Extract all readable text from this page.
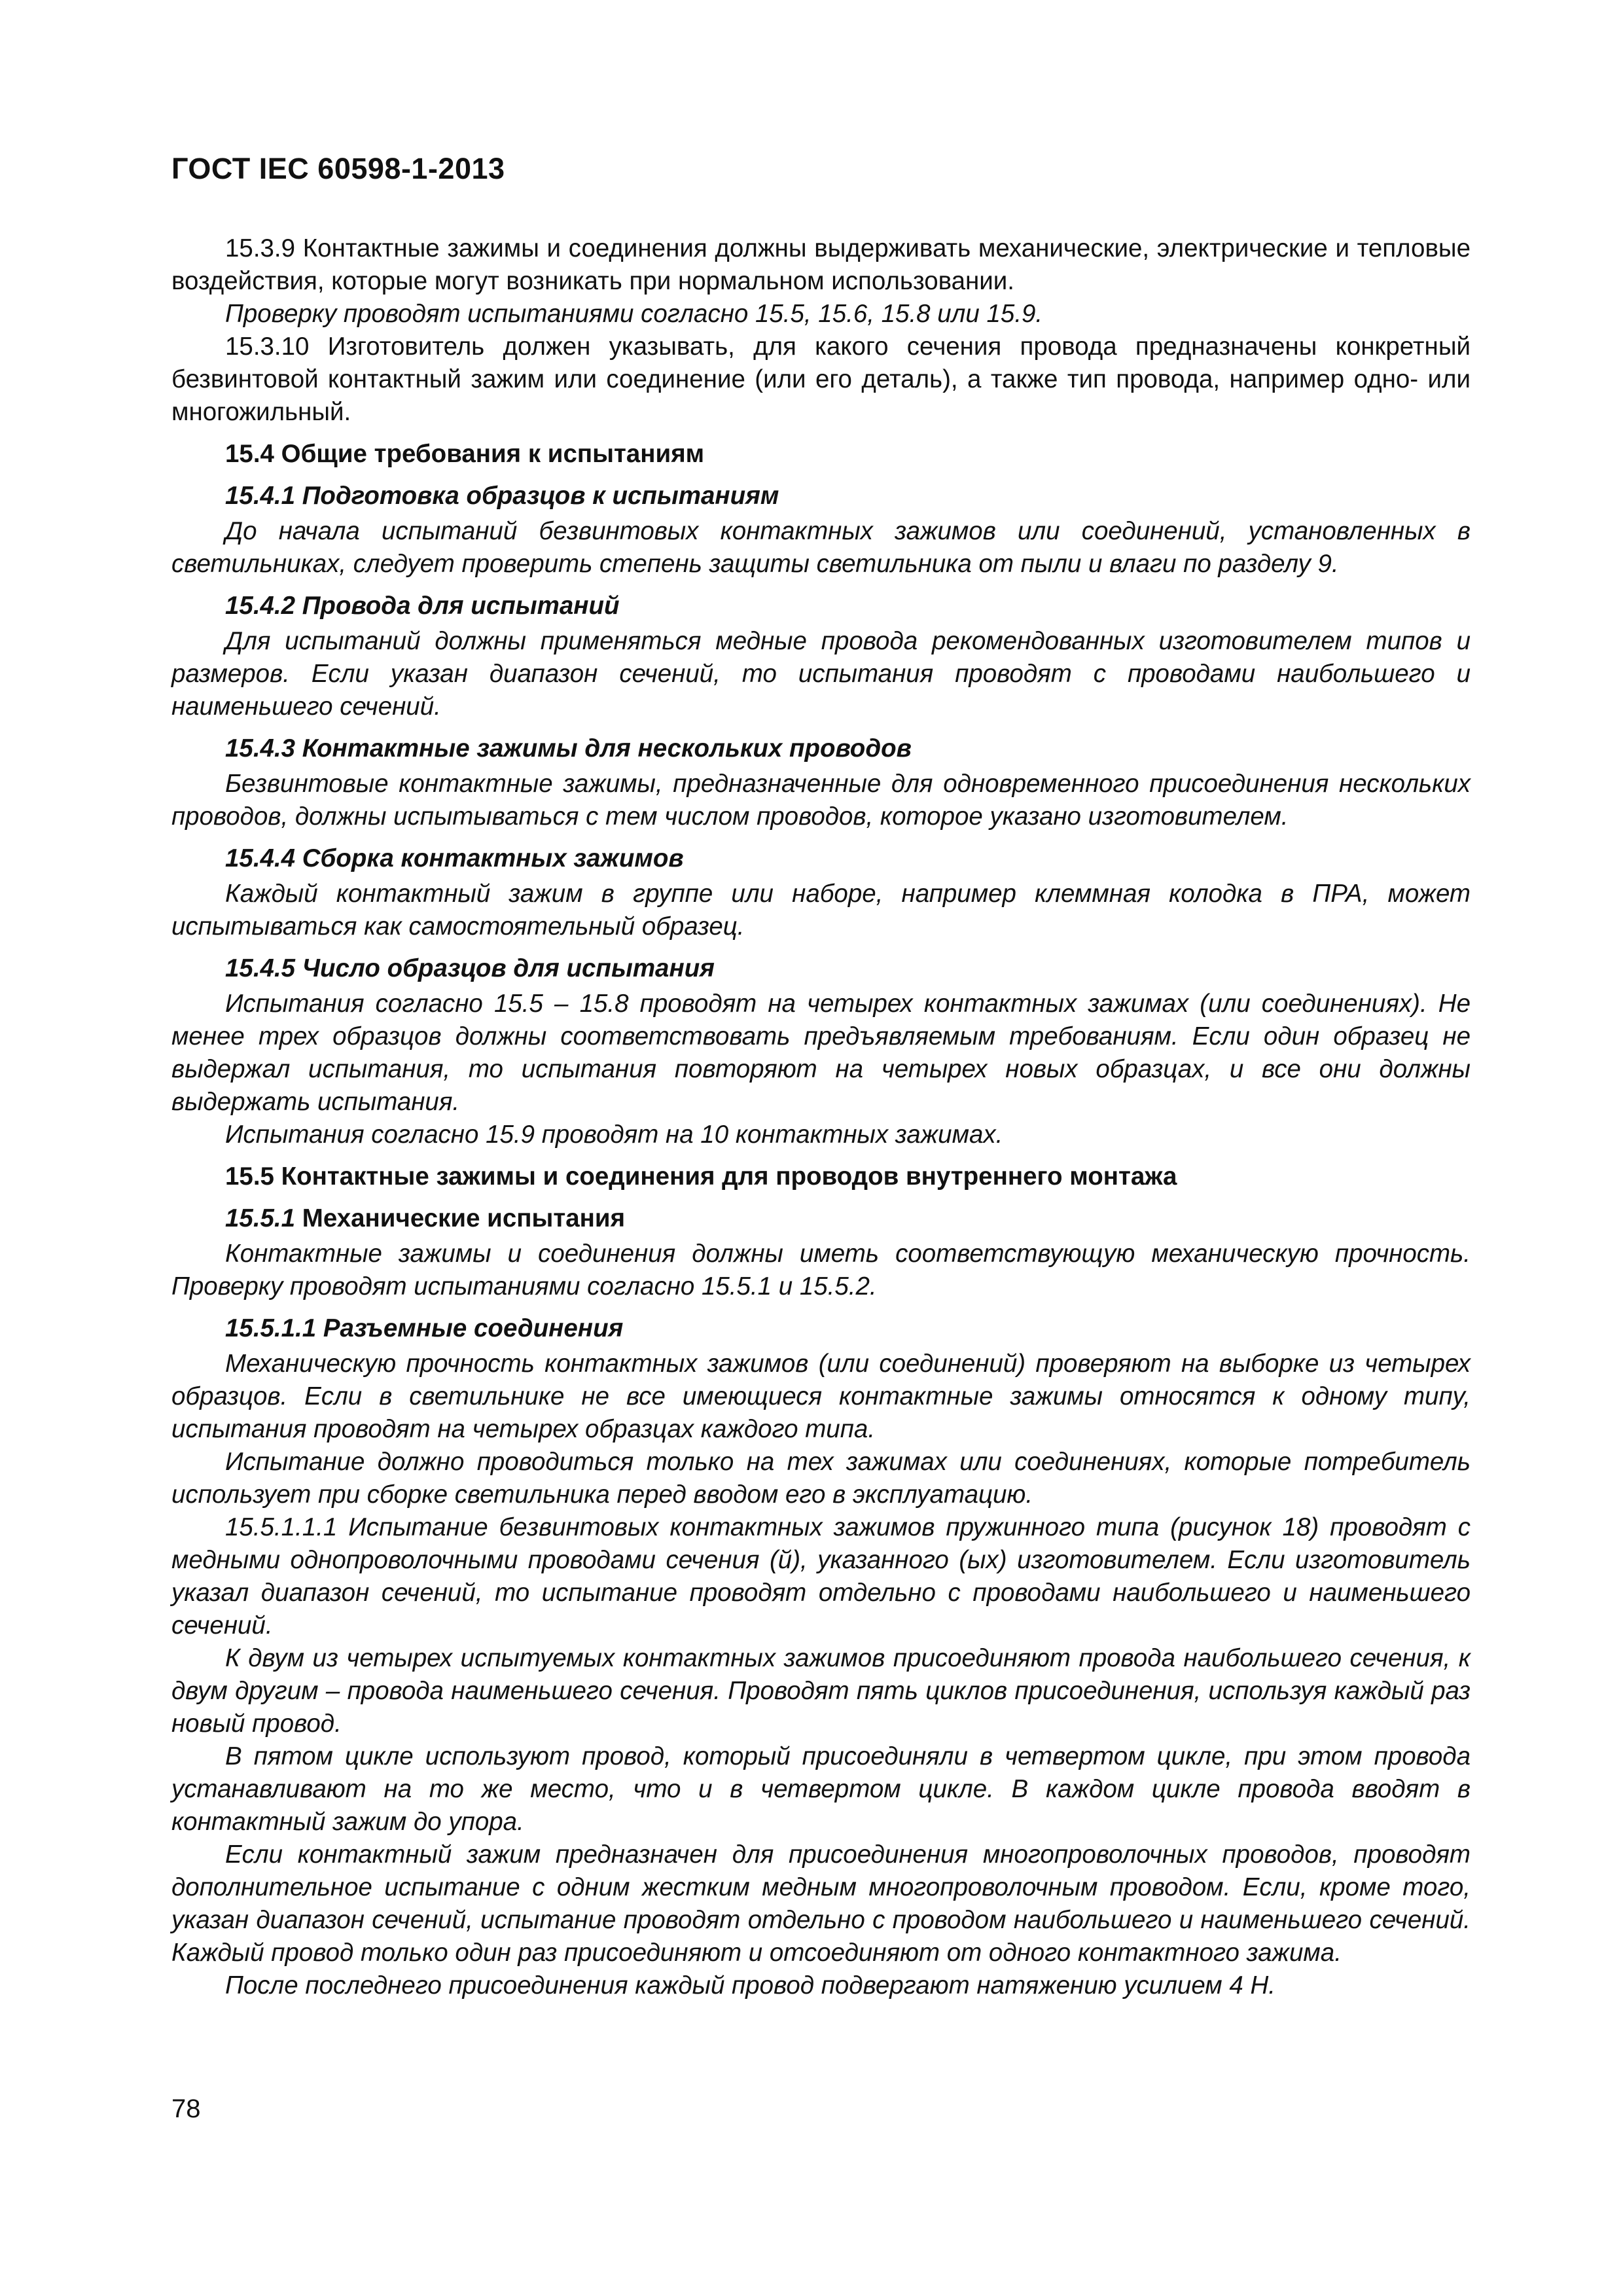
ГОСТ IEC 60598-1-2013

15.3.9 Контактные зажимы и соединения должны выдерживать механические, электрические и тепловые воздействия, которые могут возникать при нормальном использовании.

Проверку проводят испытаниями согласно 15.5, 15.6, 15.8 или 15.9.

15.3.10 Изготовитель должен указывать, для какого сечения провода предназначены конкретный безвинтовой контактный зажим или соединение (или его деталь), а также тип провода, например одно- или многожильный.

15.4 Общие требования к испытаниям

15.4.1 Подготовка образцов к испытаниям

До начала испытаний безвинтовых контактных зажимов или соединений, установленных в светильниках, следует проверить степень защиты светильника от пыли и влаги по разделу 9.

15.4.2 Провода для испытаний

Для испытаний должны применяться медные провода рекомендованных изготовителем типов и размеров. Если указан диапазон сечений, то испытания проводят с проводами наибольшего и наименьшего сечений.

15.4.3 Контактные зажимы для нескольких проводов

Безвинтовые контактные зажимы, предназначенные для одновременного присоединения нескольких проводов, должны испытываться с тем числом проводов, которое указано изготовителем.

15.4.4 Сборка контактных зажимов

Каждый контактный зажим в группе или наборе, например клеммная колодка в ПРА, может испытываться как самостоятельный образец.

15.4.5 Число образцов для испытания

Испытания согласно 15.5 – 15.8 проводят на четырех контактных зажимах (или соединениях). Не менее трех образцов должны соответствовать предъявляемым требованиям. Если один образец не выдержал испытания, то испытания повторяют на четырех новых образцах, и все они должны выдержать испытания.

Испытания согласно 15.9 проводят на 10 контактных зажимах.

15.5 Контактные зажимы и соединения для проводов внутреннего монтажа

15.5.1 Механические испытания

Контактные зажимы и соединения должны иметь соответствующую механическую прочность. Проверку проводят испытаниями согласно 15.5.1 и 15.5.2.

15.5.1.1 Разъемные соединения

Механическую прочность контактных зажимов (или соединений) проверяют на выборке из четырех образцов. Если в светильнике не все имеющиеся контактные зажимы относятся к одному типу, испытания проводят на четырех образцах каждого типа.

Испытание должно проводиться только на тех зажимах или соединениях, которые потребитель использует при сборке светильника перед вводом его в эксплуатацию.

15.5.1.1.1 Испытание безвинтовых контактных зажимов пружинного типа (рисунок 18) проводят с медными однопроволочными проводами сечения (й), указанного (ых) изготовителем. Если изготовитель указал диапазон сечений, то испытание проводят отдельно с проводами наибольшего и наименьшего сечений.

К двум из четырех испытуемых контактных зажимов присоединяют провода наибольшего сечения, к двум другим – провода наименьшего сечения. Проводят пять циклов присоединения, используя каждый раз новый провод.

В пятом цикле используют провод, который присоединяли в четвертом цикле, при этом провода устанавливают на то же место, что и в четвертом цикле. В каждом цикле провода вводят в контактный зажим до упора.

Если контактный зажим предназначен для присоединения многопроволочных проводов, проводят дополнительное испытание с одним жестким медным многопроволочным проводом. Если, кроме того, указан диапазон сечений, испытание проводят отдельно с проводом наибольшего и наименьшего сечений. Каждый провод только один раз присоединяют и отсоединяют от одного контактного зажима.

После последнего присоединения каждый провод подвергают натяжению усилием 4 Н.

78
